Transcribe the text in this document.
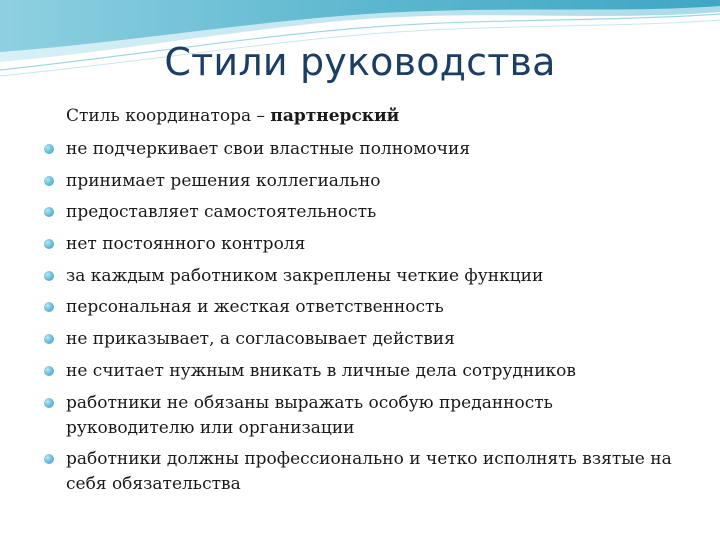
Стили руководства
Стиль координатора – партнерский
не подчеркивает свои властные полномочия
принимает решения коллегиально
предоставляет самостоятельность
нет постоянного контроля
за каждым работником закреплены четкие функции
персональная и жесткая ответственность
не приказывает, а согласовывает действия
не считает нужным вникать в личные дела сотрудников
работники не обязаны выражать особую преданность руководителю или организации
работники должны профессионально и четко исполнять взятые на себя обязательства
